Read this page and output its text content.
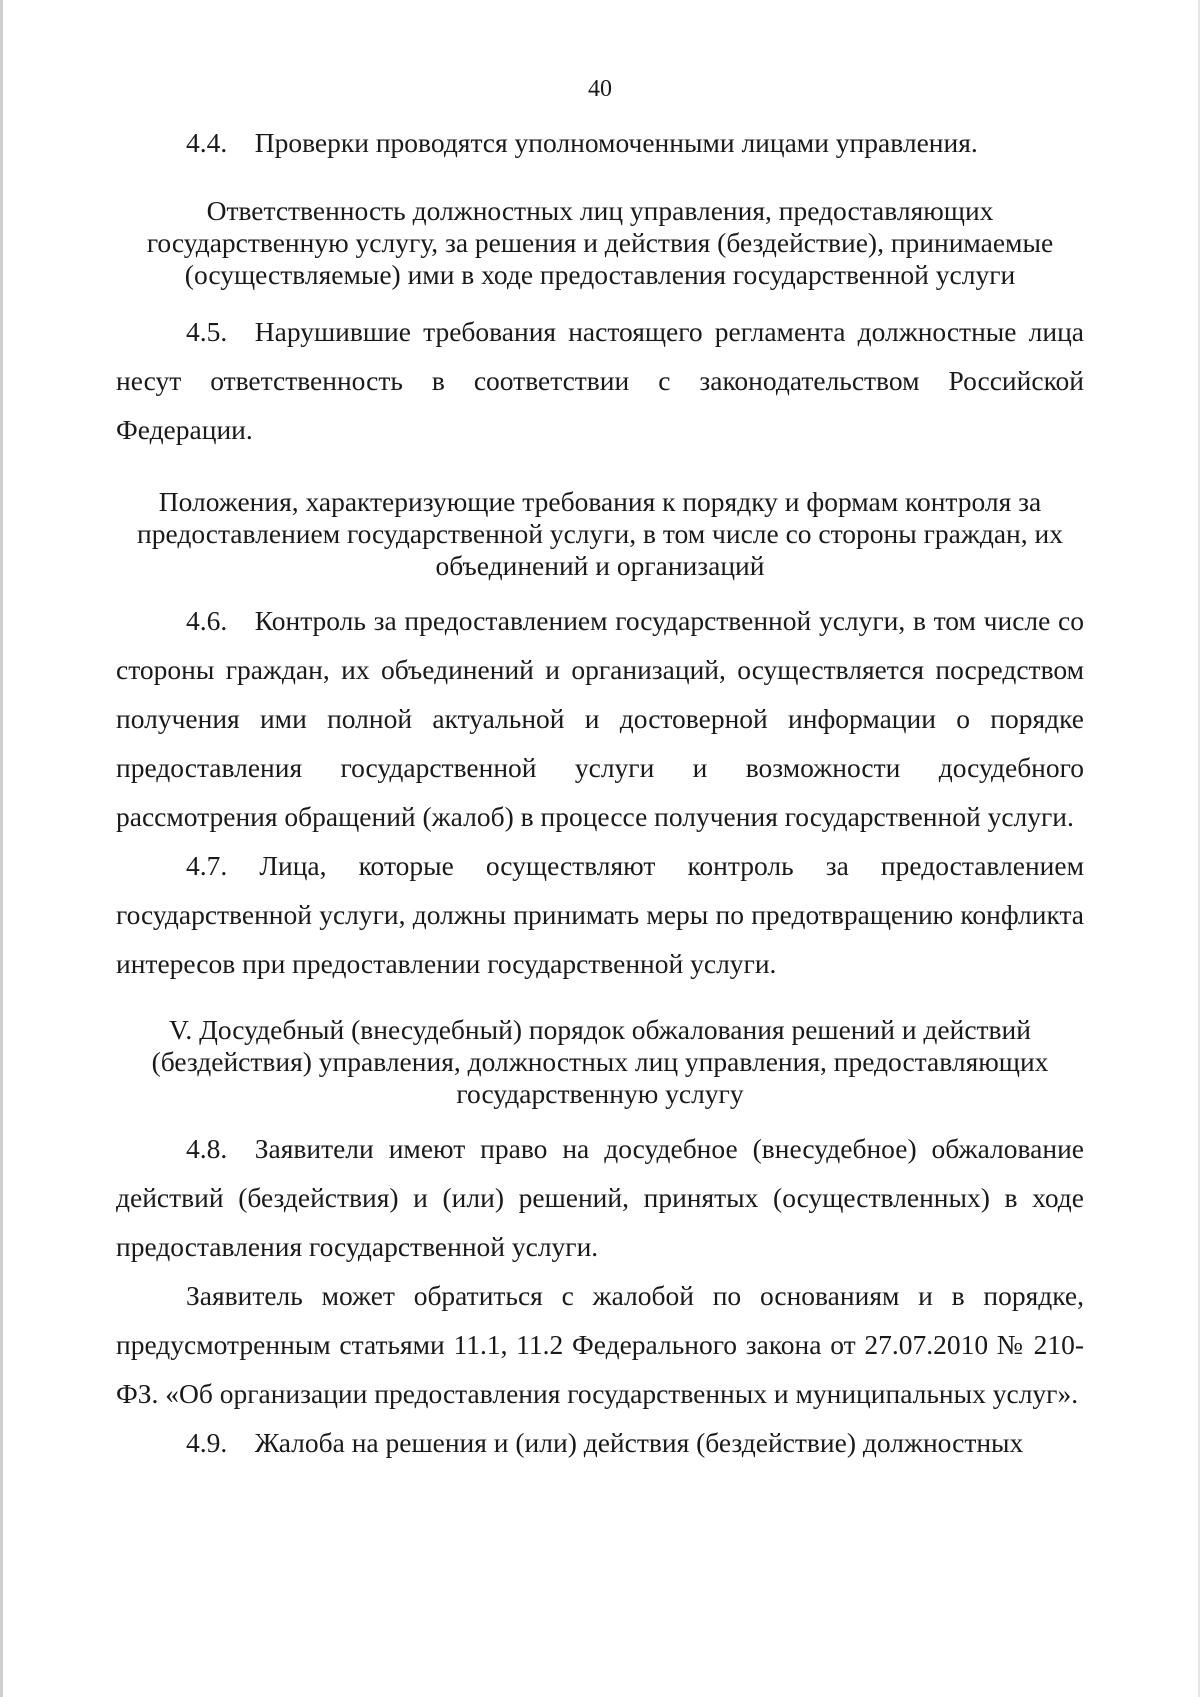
40

4.4. Проверки проводятся уполномоченными лицами управления.

Ответственность должностных лиц управления, предоставляющих государственную услугу, за решения и действия (бездействие), принимаемые (осуществляемые) ими в ходе предоставления государственной услуги

4.5. Нарушившие требования настоящего регламента должностные лица несут ответственность в соответствии с законодательством Российской Федерации.

Положения, характеризующие требования к порядку и формам контроля за предоставлением государственной услуги, в том числе со стороны граждан, их объединений и организаций

4.6. Контроль за предоставлением государственной услуги, в том числе со стороны граждан, их объединений и организаций, осуществляется посредством получения ими полной актуальной и достоверной информации о порядке предоставления государственной услуги и возможности досудебного рассмотрения обращений (жалоб) в процессе получения государственной услуги.

4.7. Лица, которые осуществляют контроль за предоставлением государственной услуги, должны принимать меры по предотвращению конфликта интересов при предоставлении государственной услуги.

V. Досудебный (внесудебный) порядок обжалования решений и действий (бездействия) управления, должностных лиц управления, предоставляющих государственную услугу

4.8. Заявители имеют право на досудебное (внесудебное) обжалование действий (бездействия) и (или) решений, принятых (осуществленных) в ходе предоставления государственной услуги.

Заявитель может обратиться с жалобой по основаниям и в порядке, предусмотренным статьями 11.1, 11.2 Федерального закона от 27.07.2010 № 210-ФЗ. «Об организации предоставления государственных и муниципальных услуг».

4.9. Жалоба на решения и (или) действия (бездействие) должностных
